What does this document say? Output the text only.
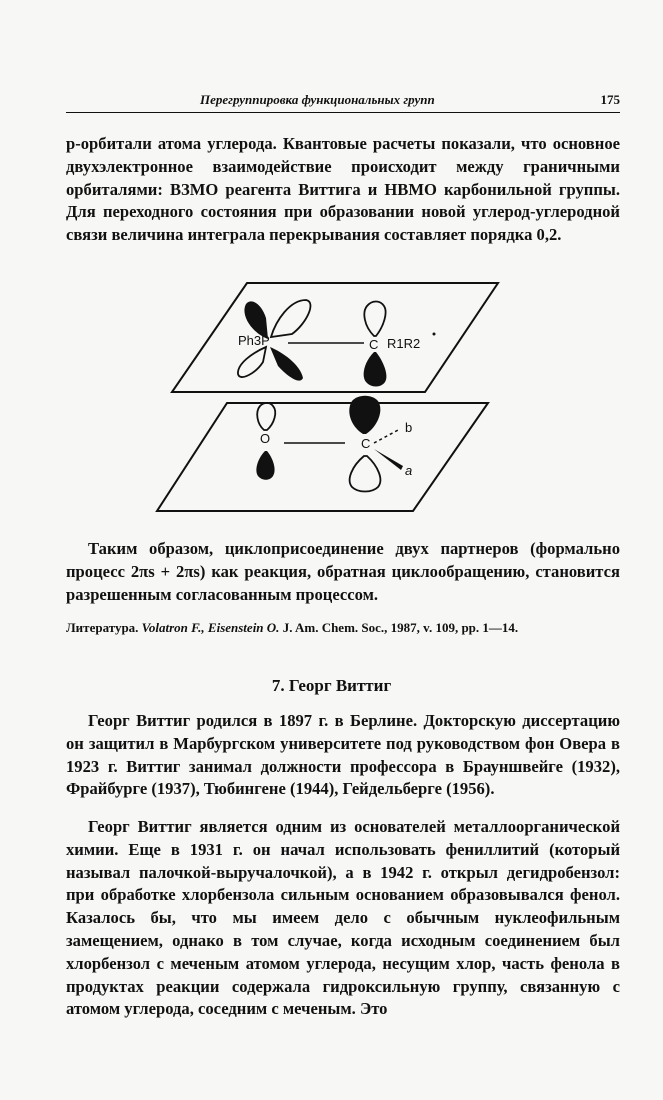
Перегруппировка функциональных групп	175

p-орбитали атома углерода. Квантовые расчеты показали, что основное двухэлектронное взаимодействие происходит между граничными орбиталями: ВЗМО реагента Виттига и НВМО карбонильной группы. Для переходного состояния при образовании новой углерод-углеродной связи величина интеграла перекрывания составляет порядка 0,2.

Ph3P	C R1R2
O	C
b
a

Таким образом, циклоприсоединение двух партнеров (формально процесс 2πs + 2πs) как реакция, обратная циклообращению, становится разрешенным согласованным процессом.

Литература. Volatron F., Eisenstein O. J. Am. Chem. Soc., 1987, v. 109, pp. 1—14.

7. Георг Виттиг

Георг Виттиг родился в 1897 г. в Берлине. Докторскую диссертацию он защитил в Марбургском университете под руководством фон Овера в 1923 г. Виттиг занимал должности профессора в Брауншвейге (1932), Фрайбурге (1937), Тюбингене (1944), Гейдельберге (1956).

Георг Виттиг является одним из основателей металлоорганической химии. Еще в 1931 г. он начал использовать фениллитий (который называл палочкой-выручалочкой), а в 1942 г. открыл дегидробензол: при обработке хлорбензола сильным основанием образовывался фенол. Казалось бы, что мы имеем дело с обычным нуклеофильным замещением, однако в том случае, когда исходным соединением был хлорбензол с меченым атомом углерода, несущим хлор, часть фенола в продуктах реакции содержала гидроксильную группу, связанную с атомом углерода, соседним с меченым. Это
